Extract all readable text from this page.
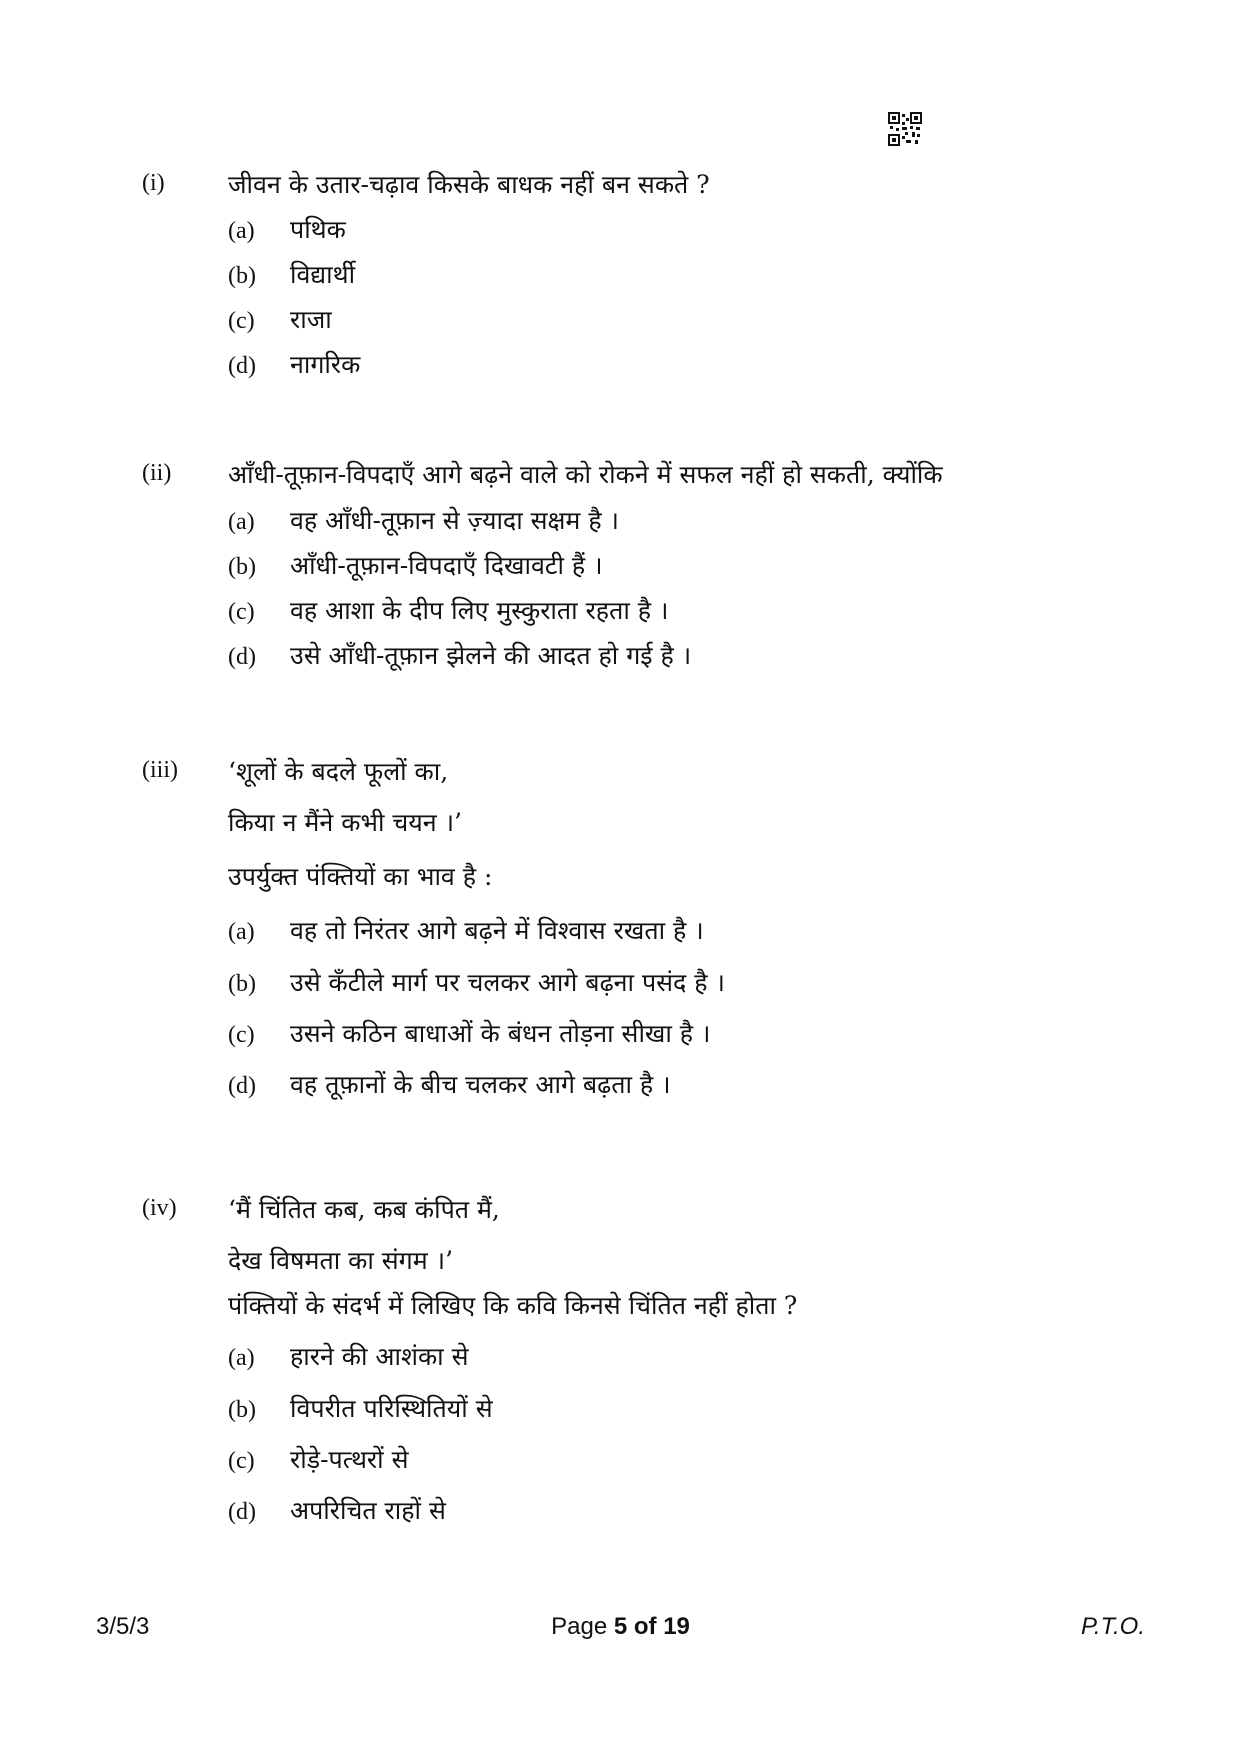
(i)	जीवन के उतार-चढ़ाव किसके बाधक नहीं बन सकते ?
(a) पथिक
(b) विद्यार्थी
(c) राजा
(d) नागरिक
(ii) आँधी-तूफ़ान-विपदाएँ आगे बढ़ने वाले को रोकने में सफल नहीं हो सकती, क्योंकि
(a) वह आँधी-तूफ़ान से ज़्यादा सक्षम है ।
(b) आँधी-तूफ़ान-विपदाएँ दिखावटी हैं ।
(c) वह आशा के दीप लिए मुस्कुराता रहता है ।
(d) उसे आँधी-तूफ़ान झेलने की आदत हो गई है ।
(iii) ‘शूलों के बदले फूलों का,
किया न मैंने कभी चयन ।’
उपर्युक्त पंक्तियों का भाव है :
(a) वह तो निरंतर आगे बढ़ने में विश्वास रखता है ।
(b) उसे कँटीले मार्ग पर चलकर आगे बढ़ना पसंद है ।
(c) उसने कठिन बाधाओं के बंधन तोड़ना सीखा है ।
(d) वह तूफ़ानों के बीच चलकर आगे बढ़ता है ।
(iv) ‘मैं चिंतित कब, कब कंपित मैं,
देख विषमता का संगम ।’
पंक्तियों के संदर्भ में लिखिए कि कवि किनसे चिंतित नहीं होता ?
(a) हारने की आशंका से
(b) विपरीत परिस्थितियों से
(c) रोड़े-पत्थरों से
(d) अपरिचित राहों से
3/5/3	Page 5 of 19	P.T.O.
